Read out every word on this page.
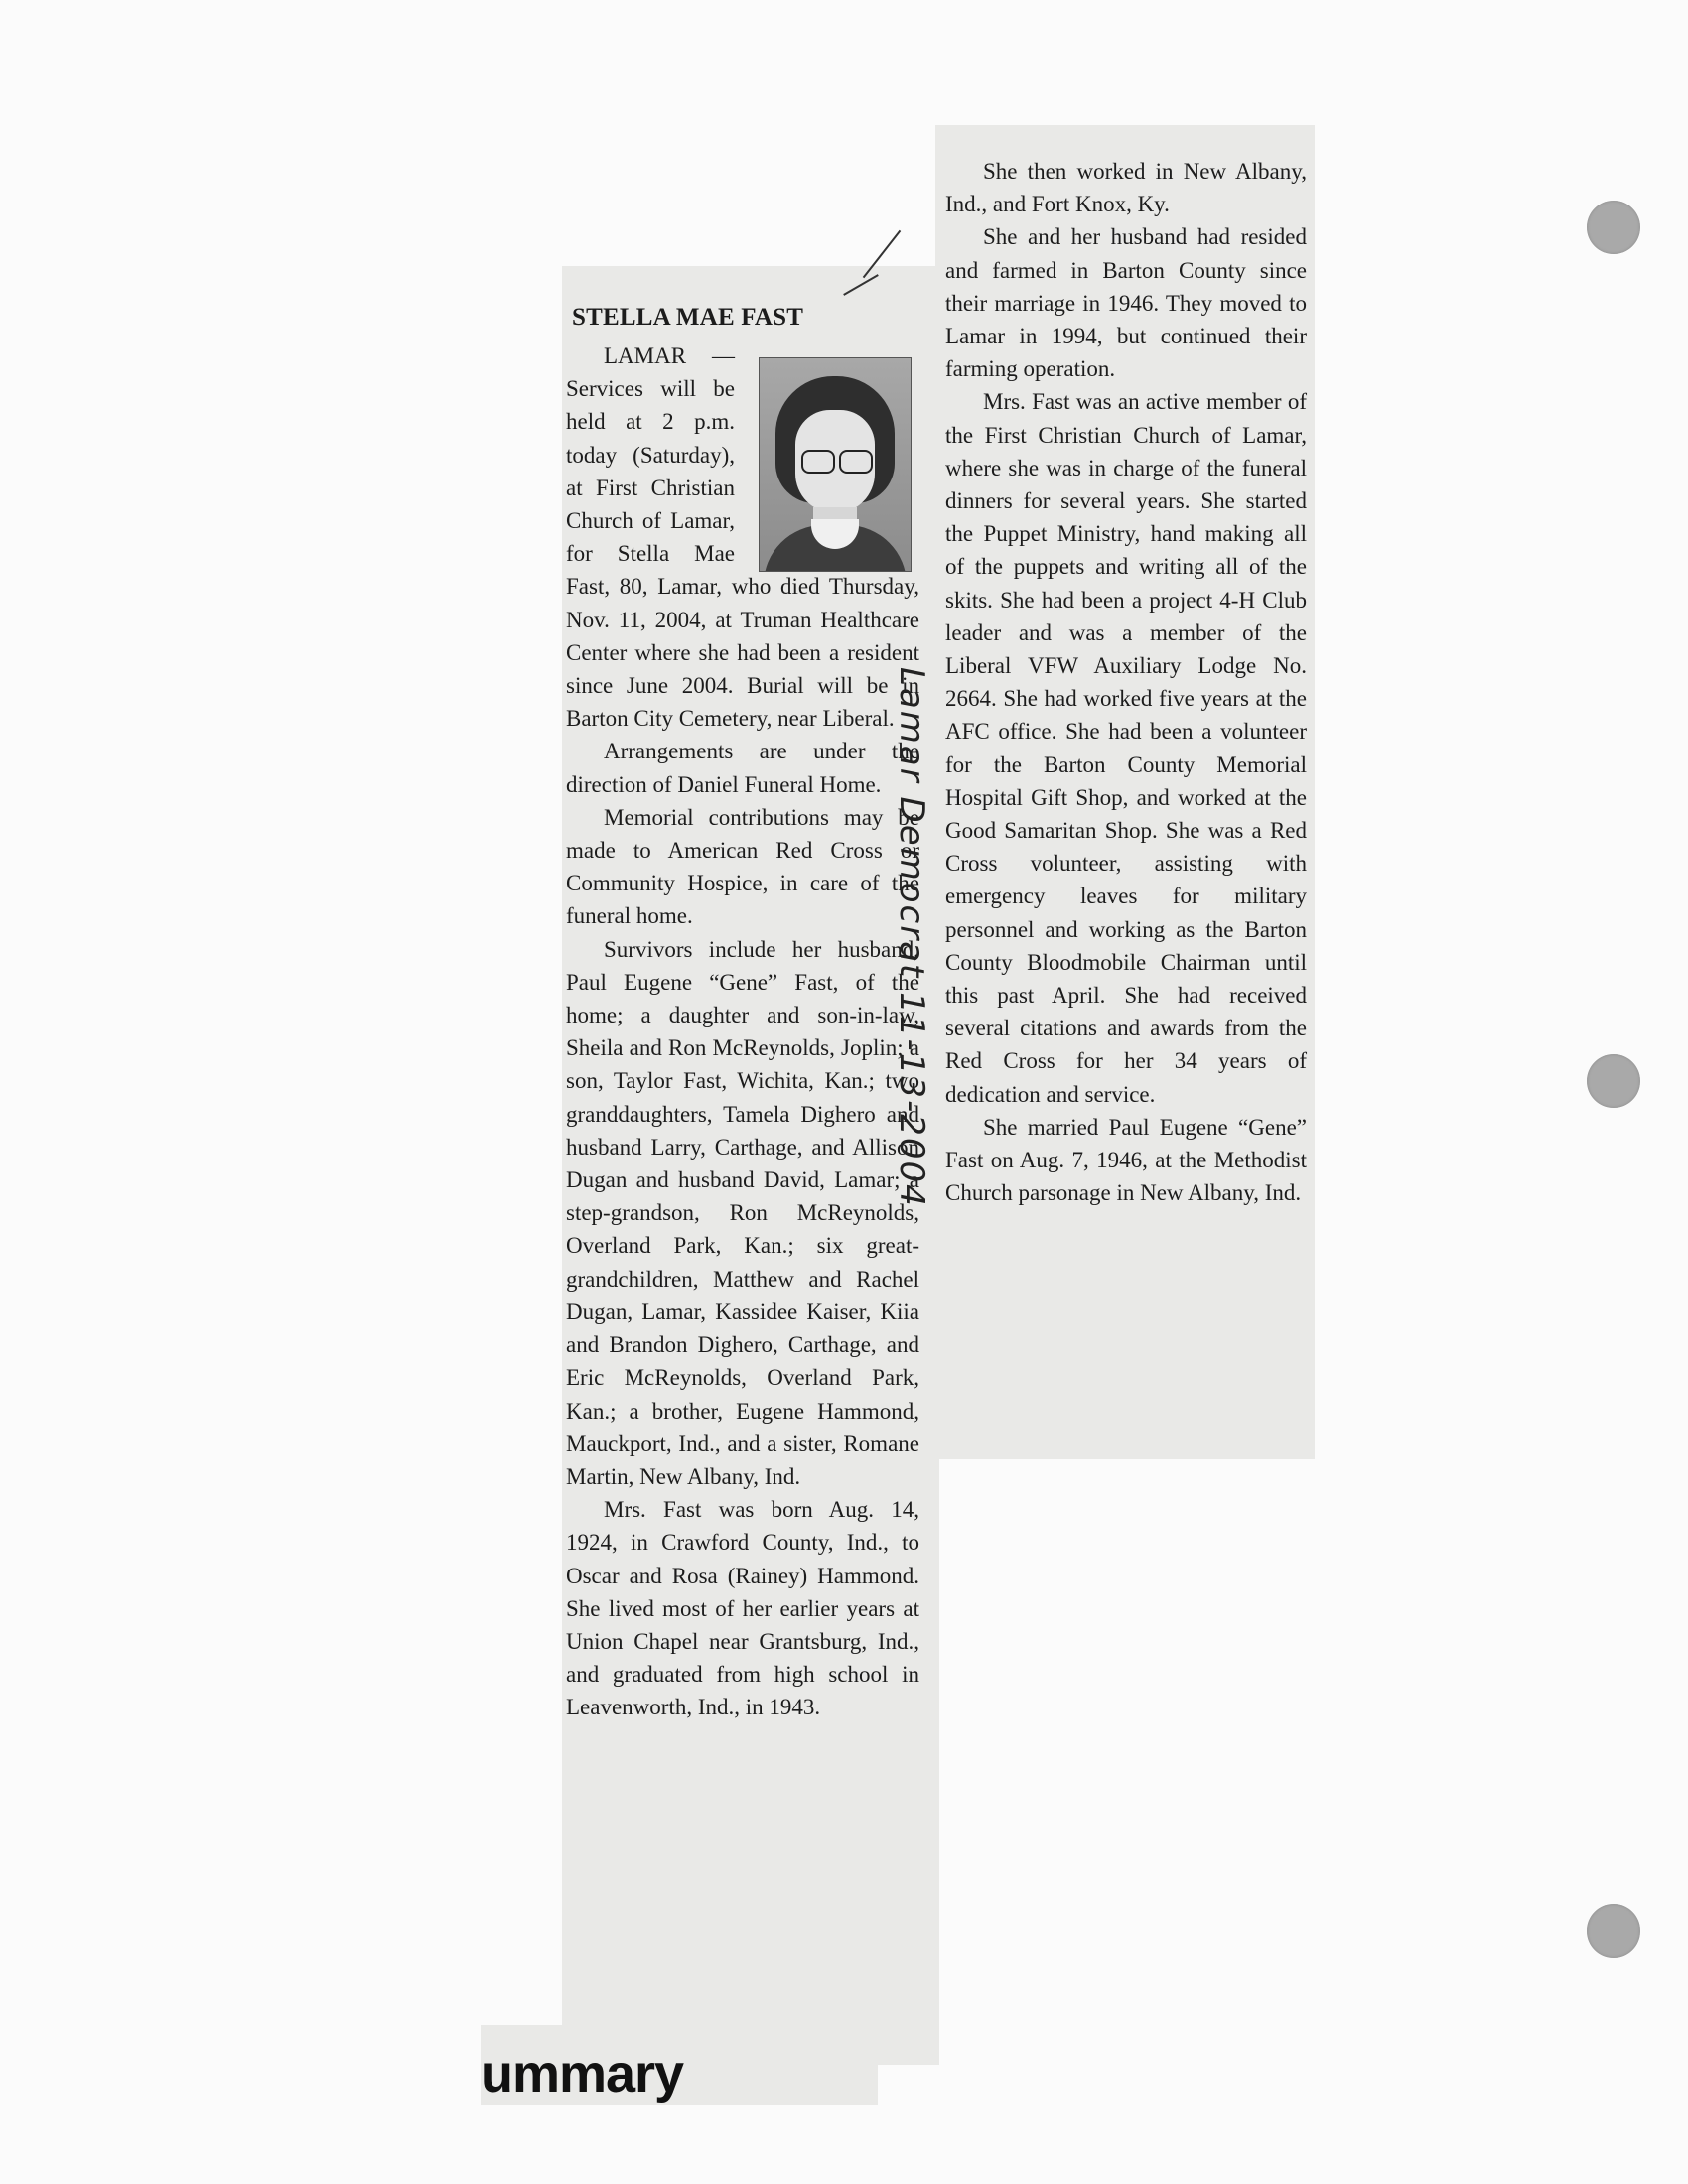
STELLA MAE FAST

LAMAR — Services will be held at 2 p.m. today (Saturday), at First Christian Church of Lamar, for Stella Mae Fast, 80, Lamar, who died Thursday, Nov. 11, 2004, at Truman Healthcare Center where she had been a resident since June 2004. Burial will be in Barton City Cemetery, near Liberal.

Arrangements are under the direction of Daniel Funeral Home.

Memorial contributions may be made to American Red Cross or Community Hospice, in care of the funeral home.

Survivors include her husband, Paul Eugene “Gene” Fast, of the home; a daughter and son-in-law, Sheila and Ron McReynolds, Joplin; a son, Taylor Fast, Wichita, Kan.; two granddaughters, Tamela Dighero and husband Larry, Carthage, and Allison Dugan and husband David, Lamar; a step-grandson, Ron McReynolds, Overland Park, Kan.; six great-grandchildren, Matthew and Rachel Dugan, Lamar, Kassidee Kaiser, Kiia and Brandon Dighero, Carthage, and Eric McReynolds, Overland Park, Kan.; a brother, Eugene Hammond, Mauckport, Ind., and a sister, Romane Martin, New Albany, Ind.

Mrs. Fast was born Aug. 14, 1924, in Crawford County, Ind., to Oscar and Rosa (Rainey) Hammond. She lived most of her earlier years at Union Chapel near Grantsburg, Ind., and graduated from high school in Leavenworth, Ind., in 1943.

She then worked in New Albany, Ind., and Fort Knox, Ky.

She and her husband had resided and farmed in Barton County since their marriage in 1946. They moved to Lamar in 1994, but continued their farming operation.

Mrs. Fast was an active member of the First Christian Church of Lamar, where she was in charge of the funeral dinners for several years. She started the Puppet Ministry, hand making all of the puppets and writing all of the skits. She had been a project 4-H Club leader and was a member of the Liberal VFW Auxiliary Lodge No. 2664. She had worked five years at the AFC office. She had been a volunteer for the Barton County Memorial Hospital Gift Shop, and worked at the Good Samaritan Shop. She was a Red Cross volunteer, assisting with emergency leaves for military personnel and working as the Barton County Bloodmobile Chairman until this past April. She had received several citations and awards from the Red Cross for her 34 years of dedication and service.

She married Paul Eugene “Gene” Fast on Aug. 7, 1946, at the Methodist Church parsonage in New Albany, Ind.

Lamar Democrat 11-13-2004
ummary
